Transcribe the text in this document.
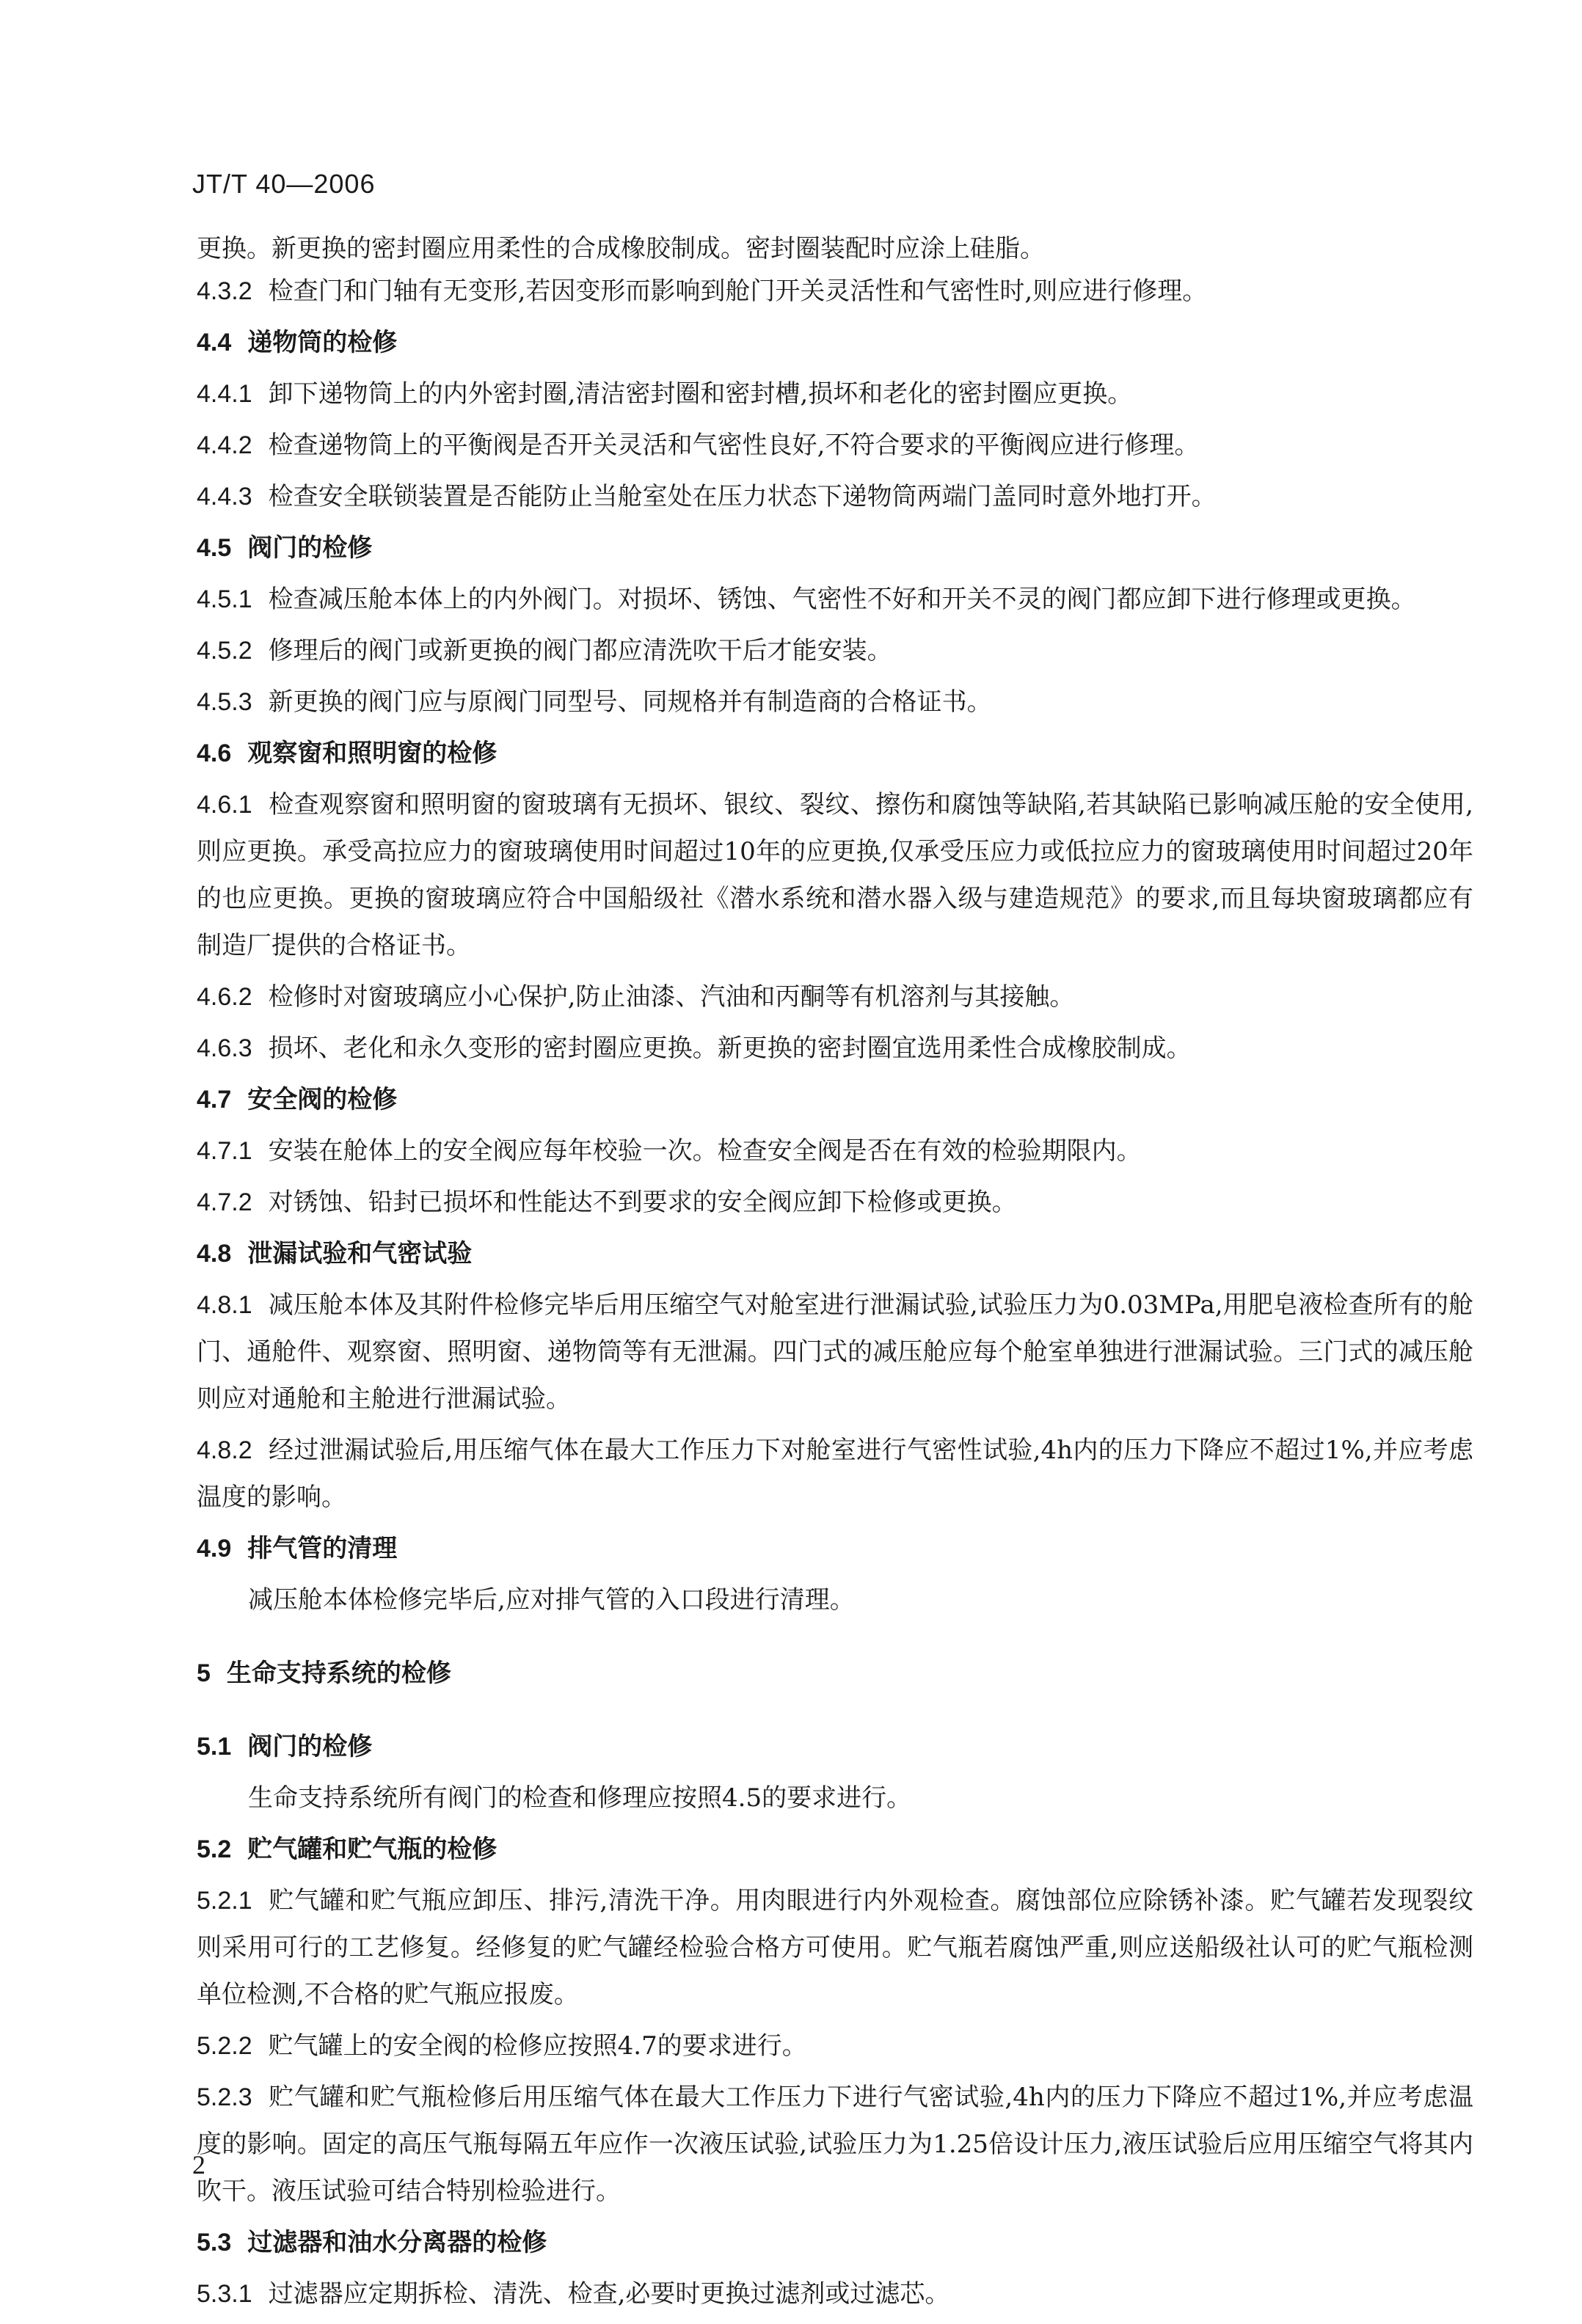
JT/T 40—2006
更换。新更换的密封圈应用柔性的合成橡胶制成。密封圈装配时应涂上硅脂。
4.3.2 检查门和门轴有无变形,若因变形而影响到舱门开关灵活性和气密性时,则应进行修理。
4.4 递物筒的检修
4.4.1 卸下递物筒上的内外密封圈,清洁密封圈和密封槽,损坏和老化的密封圈应更换。
4.4.2 检查递物筒上的平衡阀是否开关灵活和气密性良好,不符合要求的平衡阀应进行修理。
4.4.3 检查安全联锁装置是否能防止当舱室处在压力状态下递物筒两端门盖同时意外地打开。
4.5 阀门的检修
4.5.1 检查减压舱本体上的内外阀门。对损坏、锈蚀、气密性不好和开关不灵的阀门都应卸下进行修理或更换。
4.5.2 修理后的阀门或新更换的阀门都应清洗吹干后才能安装。
4.5.3 新更换的阀门应与原阀门同型号、同规格并有制造商的合格证书。
4.6 观察窗和照明窗的检修
4.6.1 检查观察窗和照明窗的窗玻璃有无损坏、银纹、裂纹、擦伤和腐蚀等缺陷,若其缺陷已影响减压舱的安全使用,则应更换。承受高拉应力的窗玻璃使用时间超过10年的应更换,仅承受压应力或低拉应力的窗玻璃使用时间超过20年的也应更换。更换的窗玻璃应符合中国船级社《潜水系统和潜水器入级与建造规范》的要求,而且每块窗玻璃都应有制造厂提供的合格证书。
4.6.2 检修时对窗玻璃应小心保护,防止油漆、汽油和丙酮等有机溶剂与其接触。
4.6.3 损坏、老化和永久变形的密封圈应更换。新更换的密封圈宜选用柔性合成橡胶制成。
4.7 安全阀的检修
4.7.1 安装在舱体上的安全阀应每年校验一次。检查安全阀是否在有效的检验期限内。
4.7.2 对锈蚀、铅封已损坏和性能达不到要求的安全阀应卸下检修或更换。
4.8 泄漏试验和气密试验
4.8.1 减压舱本体及其附件检修完毕后用压缩空气对舱室进行泄漏试验,试验压力为0.03MPa,用肥皂液检查所有的舱门、通舱件、观察窗、照明窗、递物筒等有无泄漏。四门式的减压舱应每个舱室单独进行泄漏试验。三门式的减压舱则应对通舱和主舱进行泄漏试验。
4.8.2 经过泄漏试验后,用压缩气体在最大工作压力下对舱室进行气密性试验,4h内的压力下降应不超过1%,并应考虑温度的影响。
4.9 排气管的清理
减压舱本体检修完毕后,应对排气管的入口段进行清理。
5 生命支持系统的检修
5.1 阀门的检修
生命支持系统所有阀门的检查和修理应按照4.5的要求进行。
5.2 贮气罐和贮气瓶的检修
5.2.1 贮气罐和贮气瓶应卸压、排污,清洗干净。用肉眼进行内外观检查。腐蚀部位应除锈补漆。贮气罐若发现裂纹则采用可行的工艺修复。经修复的贮气罐经检验合格方可使用。贮气瓶若腐蚀严重,则应送船级社认可的贮气瓶检测单位检测,不合格的贮气瓶应报废。
5.2.2 贮气罐上的安全阀的检修应按照4.7的要求进行。
5.2.3 贮气罐和贮气瓶检修后用压缩气体在最大工作压力下进行气密试验,4h内的压力下降应不超过1%,并应考虑温度的影响。固定的高压气瓶每隔五年应作一次液压试验,试验压力为1.25倍设计压力,液压试验后应用压缩空气将其内吹干。液压试验可结合特别检验进行。
5.3 过滤器和油水分离器的检修
5.3.1 过滤器应定期拆检、清洗、检查,必要时更换过滤剂或过滤芯。
2
